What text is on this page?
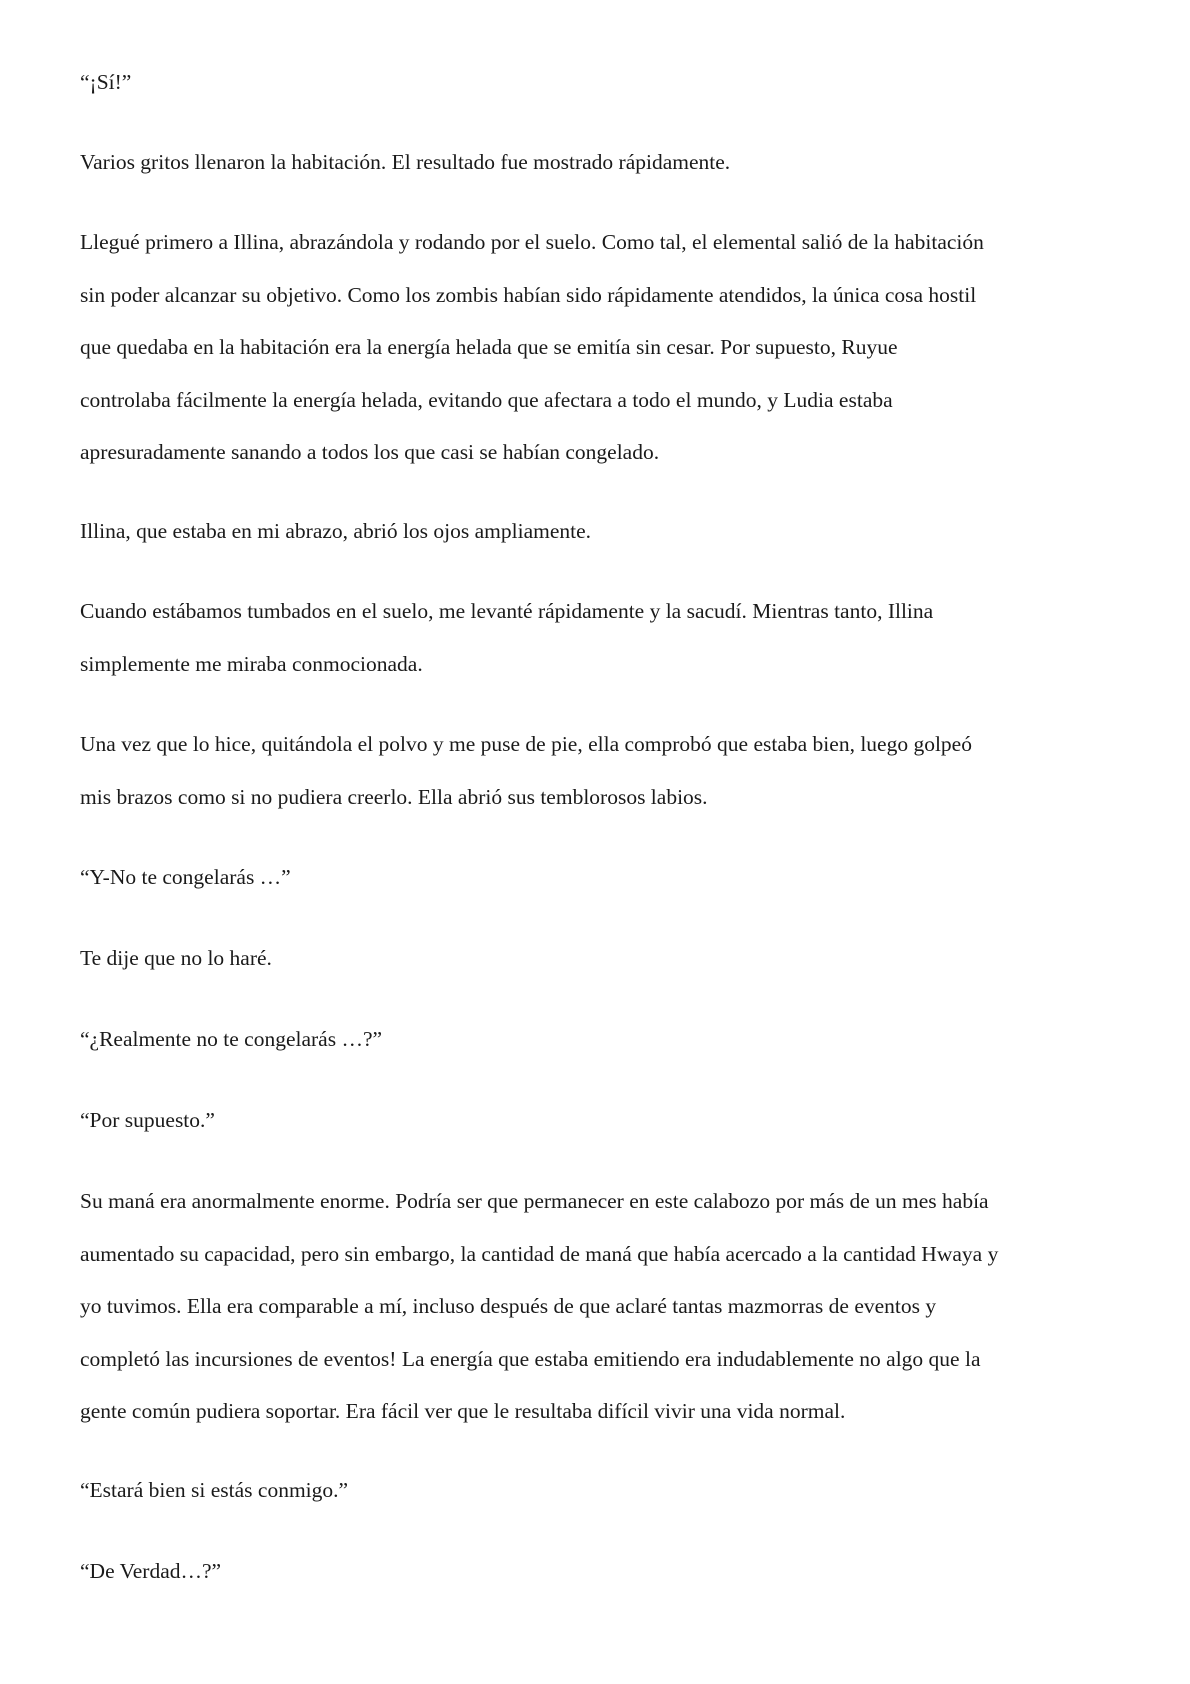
“¡Sí!”
Varios gritos llenaron la habitación. El resultado fue mostrado rápidamente.
Llegué primero a Illina, abrazándola y rodando por el suelo. Como tal, el elemental salió de la habitación
sin poder alcanzar su objetivo. Como los zombis habían sido rápidamente atendidos, la única cosa hostil
que quedaba en la habitación era la energía helada que se emitía sin cesar. Por supuesto, Ruyue
controlaba fácilmente la energía helada, evitando que afectara a todo el mundo, y Ludia estaba
apresuradamente sanando a todos los que casi se habían congelado.
Illina, que estaba en mi abrazo, abrió los ojos ampliamente.
Cuando estábamos tumbados en el suelo, me levanté rápidamente y la sacudí. Mientras tanto, Illina
simplemente me miraba conmocionada.
Una vez que lo hice, quitándola el polvo y me puse de pie, ella comprobó que estaba bien, luego golpeó
mis brazos como si no pudiera creerlo. Ella abrió sus temblorosos labios.
“Y-No te congelarás …”
Te dije que no lo haré.
“¿Realmente no te congelarás …?”
“Por supuesto.”
Su maná era anormalmente enorme. Podría ser que permanecer en este calabozo por más de un mes había
aumentado su capacidad, pero sin embargo, la cantidad de maná que había acercado a la cantidad Hwaya y
yo tuvimos. Ella era comparable a mí, incluso después de que aclaré tantas mazmorras de eventos y
completó las incursiones de eventos! La energía que estaba emitiendo era indudablemente no algo que la
gente común pudiera soportar. Era fácil ver que le resultaba difícil vivir una vida normal.
“Estará bien si estás conmigo.”
“De Verdad…?”
